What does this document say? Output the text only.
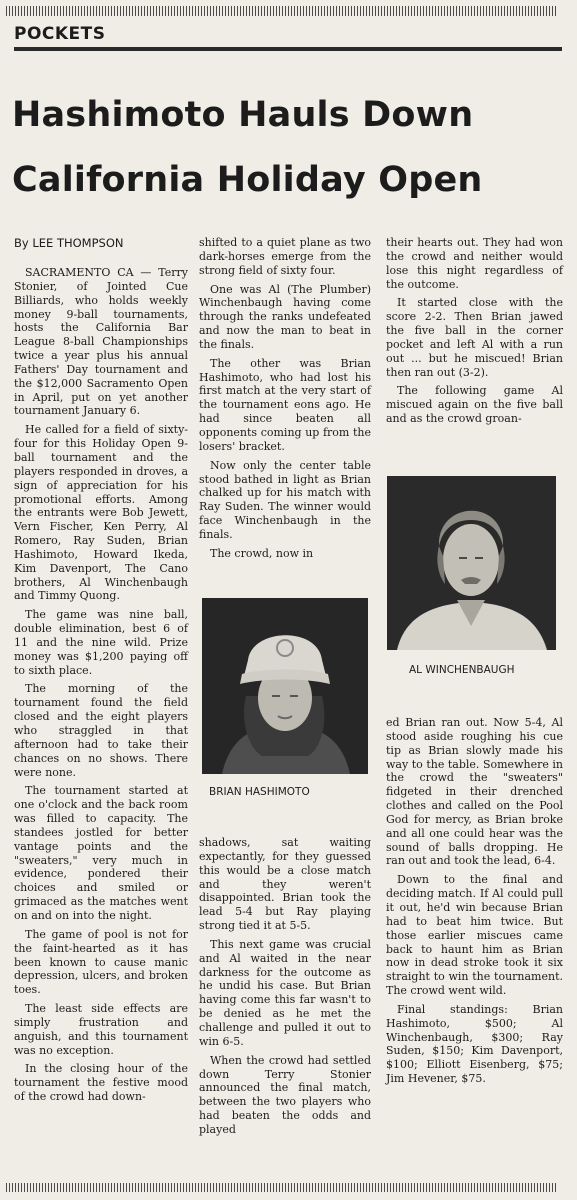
POCKETS
Hashimoto Hauls Down
California Holiday Open
By LEE THOMPSON

SACRAMENTO CA — Terry Stonier, of Jointed Cue Billiards, who holds weekly money 9-ball tournaments, hosts the California Bar League 8-ball Championships twice a year plus his annual Fathers' Day tournament and the $12,000 Sacramento Open in April, put on yet another tournament January 6.

He called for a field of sixty-four for this Holiday Open 9-ball tournament and the players responded in droves, a sign of appreciation for his promotional efforts. Among the entrants were Bob Jewett, Vern Fischer, Ken Perry, Al Romero, Ray Suden, Brian Hashimoto, Howard Ikeda, Kim Davenport, The Cano brothers, Al Winchenbaugh and Timmy Quong.

The game was nine ball, double elimination, best 6 of 11 and the nine wild. Prize money was $1,200 paying off to sixth place.

The morning of the tournament found the field closed and the eight players who straggled in that afternoon had to take their chances on no shows. There were none.

The tournament started at one o'clock and the back room was filled to capacity. The standees jostled for better vantage points and the "sweaters," very much in evidence, pondered their choices and smiled or grimaced as the matches went on and on into the night.

The game of pool is not for the faint-hearted as it has been known to cause manic depression, ulcers, and broken toes.

The least side effects are simply frustration and anguish, and this tournament was no exception.

In the closing hour of the tournament the festive mood of the crowd had down-

shifted to a quiet plane as two dark-horses emerge from the strong field of sixty four.

One was Al (The Plumber) Winchenbaugh having come through the ranks undefeated and now the man to beat in the finals.

The other was Brian Hashimoto, who had lost his first match at the very start of the tournament eons ago. He had since beaten all opponents coming up from the losers' bracket.

Now only the center table stood bathed in light as Brian chalked up for his match with Ray Suden. The winner would face Winchenbaugh in the finals.

The crowd, now in

BRIAN HASHIMOTO

shadows, sat waiting expectantly, for they guessed this would be a close match and they weren't disappointed. Brian took the lead 5-4 but Ray playing strong tied it at 5-5.

This next game was crucial and Al waited in the near darkness for the outcome as he undid his case. But Brian having come this far wasn't to be denied as he met the challenge and pulled it out to win 6-5.

When the crowd had settled down Terry Stonier announced the final match, between the two players who had beaten the odds and played

their hearts out. They had won the crowd and neither would lose this night regardless of the outcome.

It started close with the score 2-2. Then Brian jawed the five ball in the corner pocket and left Al with a run out ... but he miscued! Brian then ran out (3-2).

The following game Al miscued again on the five ball and as the crowd groan-

AL WINCHENBAUGH

ed Brian ran out. Now 5-4, Al stood aside roughing his cue tip as Brian slowly made his way to the table. Somewhere in the crowd the "sweaters" fidgeted in their drenched clothes and called on the Pool God for mercy, as Brian broke and all one could hear was the sound of balls dropping. He ran out and took the lead, 6-4.

Down to the final and deciding match. If Al could pull it out, he'd win because Brian had to beat him twice. But those earlier miscues came back to haunt him as Brian now in dead stroke took it six straight to win the tournament. The crowd went wild.

Final standings: Brian Hashimoto, $500; Al Winchenbaugh, $300; Ray Suden, $150; Kim Davenport, $100; Elliott Eisenberg, $75; Jim Hevener, $75.
